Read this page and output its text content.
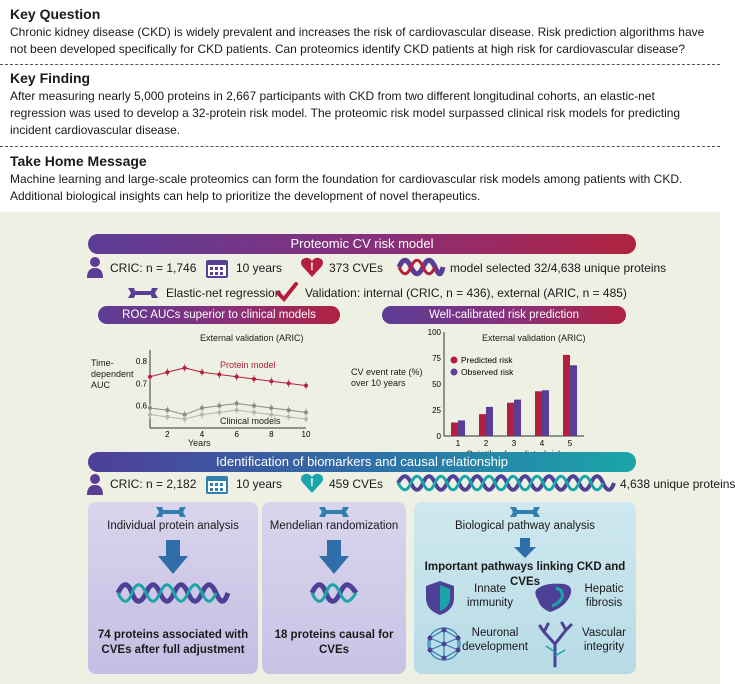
Key Question
Chronic kidney disease (CKD) is widely prevalent and increases the risk of cardiovascular disease. Risk prediction algorithms have not been developed specifically for CKD patients. Can proteomics identify CKD patients at high risk for cardiovascular disease?
Key Finding
After measuring nearly 5,000 proteins in 2,667 participants with CKD from two different longitudinal cohorts, an elastic-net regression was used to develop a 32-protein risk model. The proteomic risk model surpassed clinical risk models for predicting incident cardiovascular disease.
Take Home Message
Machine learning and large-scale proteomics can form the foundation for cardiovascular risk models among patients with CKD. Additional biological insights can help to prioritize the development of novel therapeutics.
Proteomic CV risk model
CRIC: n = 1,746	10 years	! 373 CVEs	model selected 32/4,638 unique proteins
Elastic-net regression Validation: internal (CRIC, n = 436), external (ARIC, n = 485)
ROC AUCs superior to clinical models
External validation (ARIC)
Time-
dependent
AUC
0.6
0.7
0.8
2	4	6	8	10
Protein model
Clinical models
Years
Well-calibrated risk prediction
External validation (ARIC)
CV event rate (%)
over 10 years
0
25
50
75
100
1	2	3	4	5
Predicted risk
Observed risk
Identification of biomarkers and causal relationship
CRIC: n = 2,182	10 years	! 459 CVEs	4,638 unique proteins
Individual protein analysis
74 proteins associated with CVEs after full adjustment
Mendelian randomization
18 proteins causal for CVEs
Biological pathway analysis
Important pathways linking CKD and CVEs
Innate immunity
Hepatic fibrosis
Neuronal development
Vascular integrity
